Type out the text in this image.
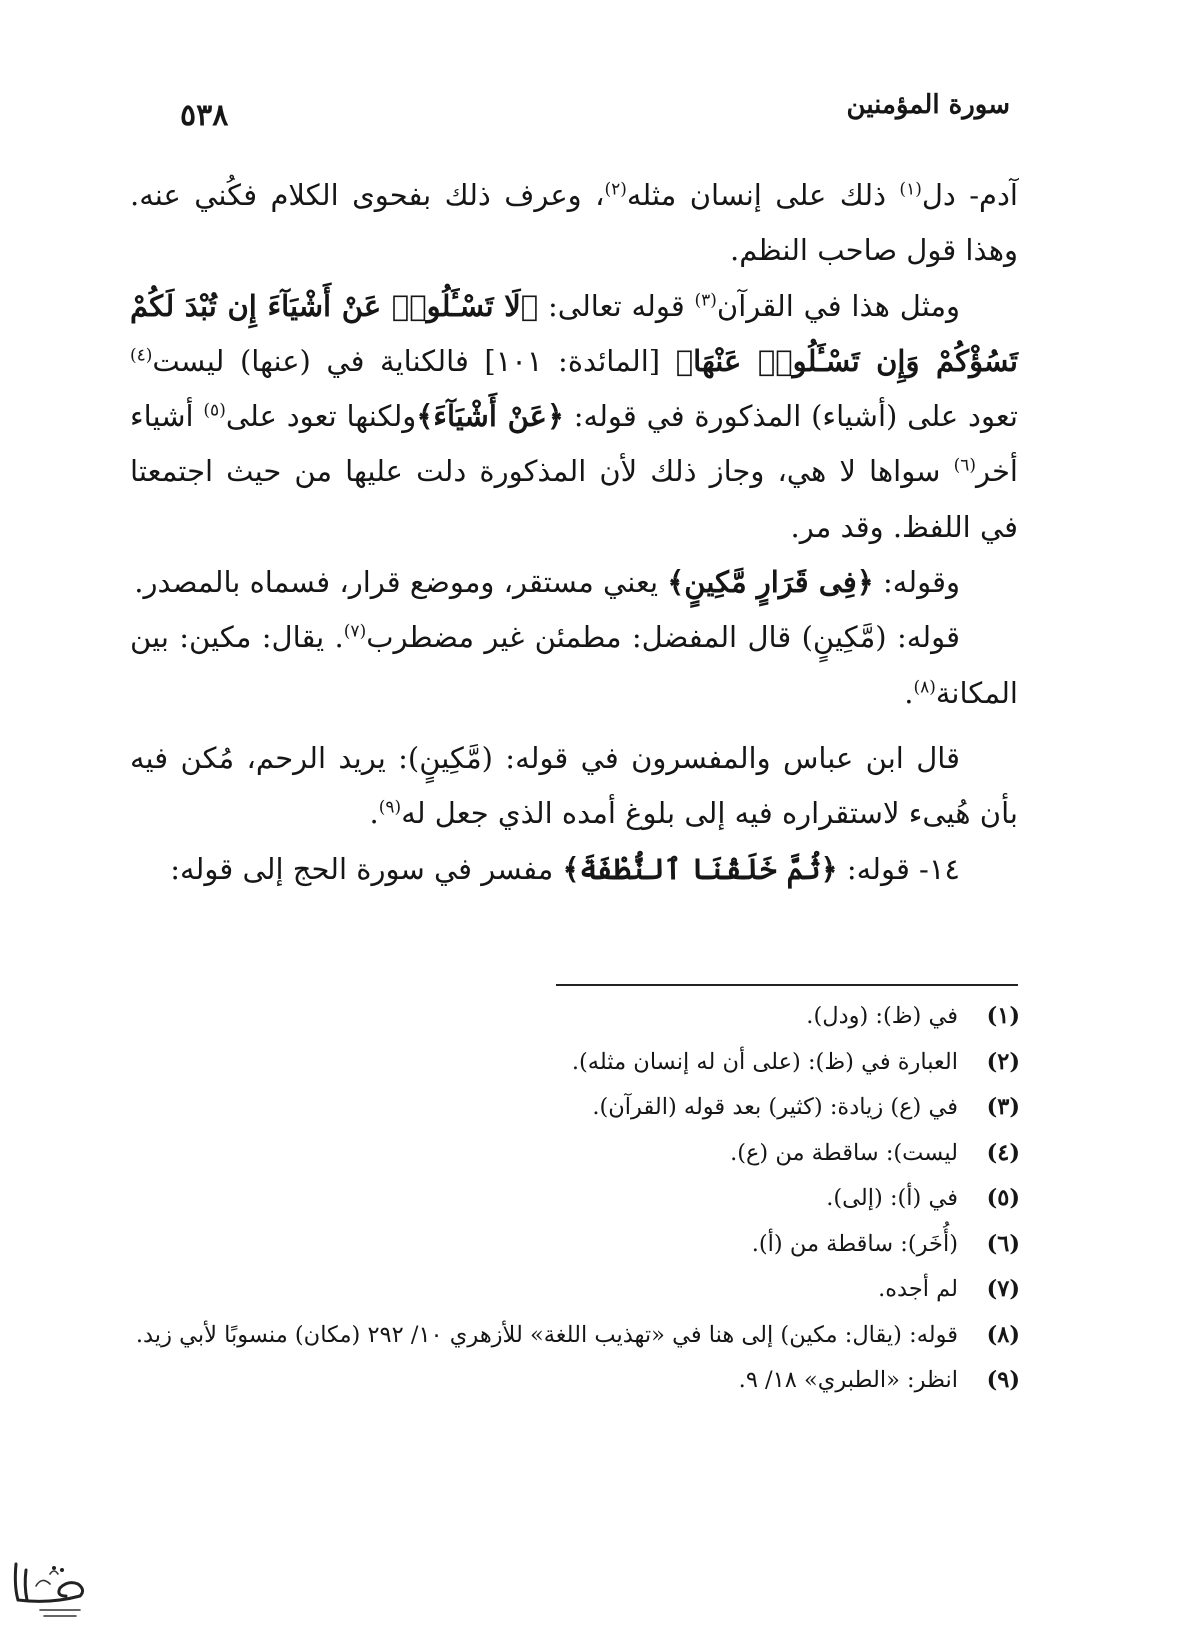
٥٣٨	سورة المؤمنين

آدم- دل$^{(١)}$ ذلك على إنسان مثله$^{(٢)}$، وعرف ذلك بفحوى الكلام فكُني عنه. وهذا قول صاحب النظم.

ومثل هذا في القرآن$^{(٣)}$ قوله تعالى: ﴿لَا تَسْـَٔلُوا۟ عَنْ أَشْيَآءَ إِن تُبْدَ لَكُمْ تَسُؤْكُمْ وَإِن تَسْـَٔلُوا۟ عَنْهَا﴾ [المائدة: ١٠١] فالكناية في (عنها) ليست$^{(٤)}$ تعود على (أشياء) المذكورة في قوله: ﴿عَنْ أَشْيَآءَ﴾ولكنها تعود على$^{(٥)}$ أشياء أخر$^{(٦)}$ سواها لا هي، وجاز ذلك لأن المذكورة دلت عليها من حيث اجتمعتا في اللفظ. وقد مر.

وقوله: ﴿فِى قَرَارٍ مَّكِينٍ﴾ يعني مستقر، وموضع قرار، فسماه بالمصدر.

قوله: (مَّكِينٍ) قال المفضل: مطمئن غير مضطرب$^{(٧)}$. يقال: مكين: بين المكانة$^{(٨)}$.

قال ابن عباس والمفسرون في قوله: (مَّكِينٍ): يريد الرحم، مُكن فيه بأن هُيىء لاستقراره فيه إلى بلوغ أمده الذي جعل له$^{(٩)}$.

١٤- قوله: ﴿ثُمَّ خَلَقْنَا ٱلنُّطْفَةَ﴾ مفسر في سورة الحج إلى قوله:

(١)
في (ظ): (ودل).
(٢)
العبارة في (ظ): (على أن له إنسان مثله).
(٣)
في (ع) زيادة: (كثير) بعد قوله (القرآن).
(٤)
ليست): ساقطة من (ع).
(٥)
في (أ): (إلى).
(٦)
(أُخَر): ساقطة من (أ).
(٧)
لم أجده.
(٨)
قوله: (يقال: مكين) إلى هنا في «تهذيب اللغة» للأزهري ١٠/ ٢٩٢ (مكان) منسوبًا لأبي زيد.
(٩)
انظر: «الطبري» ١٨/ ٩.
